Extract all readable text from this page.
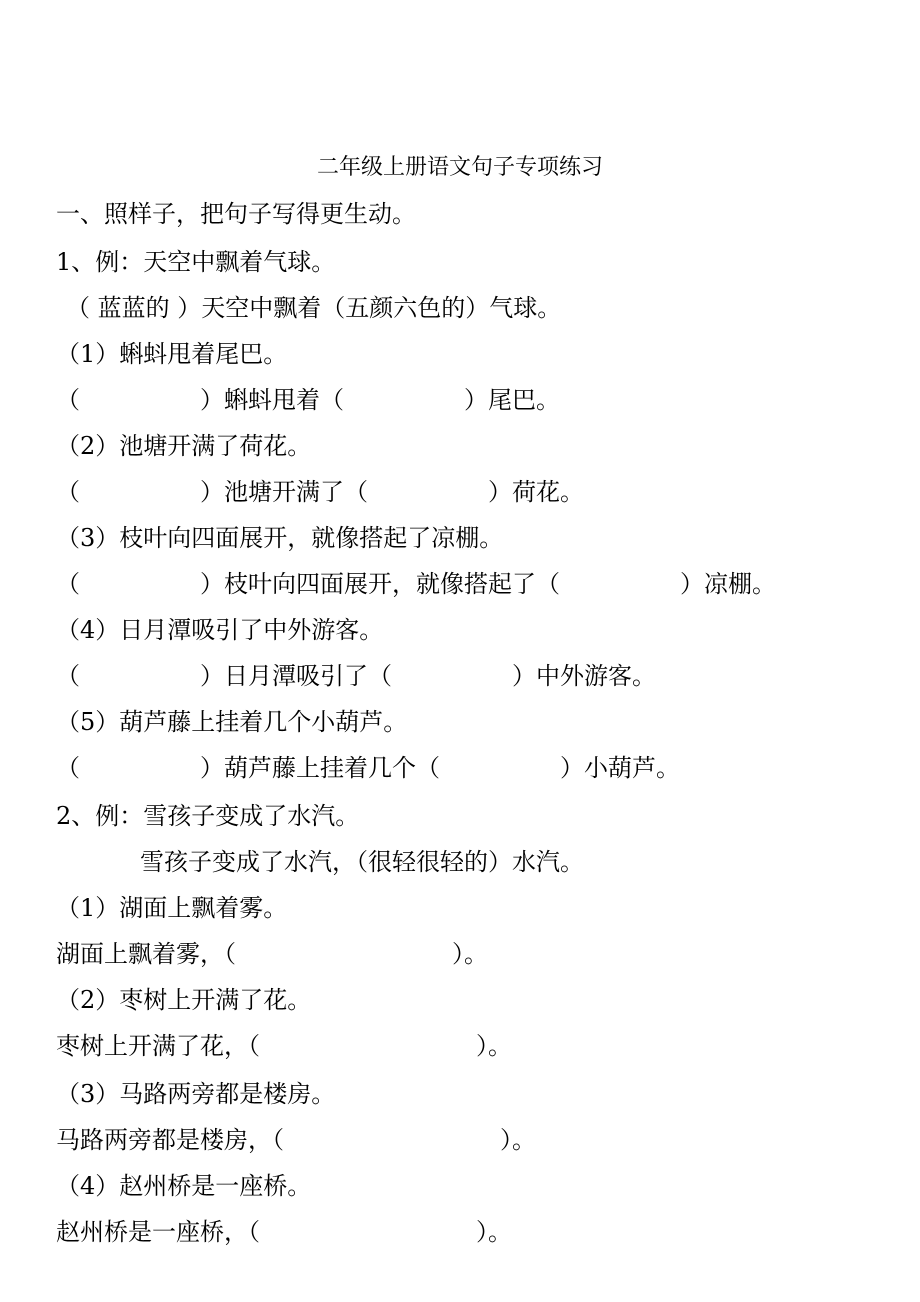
二年级上册语文句子专项练习
一、照样子，把句子写得更生动。
1、例：天空中飘着气球。
（ 蓝蓝的 ）天空中飘着（五颜六色的）气球。
（1）蝌蚪甩着尾巴。
（　　　　　）蝌蚪甩着（　　　　　）尾巴。
（2）池塘开满了荷花。
（　　　　　）池塘开满了（　　　　　）荷花。
（3）枝叶向四面展开，就像搭起了凉棚。
（　　　　　）枝叶向四面展开，就像搭起了（　　　　　）凉棚。
（4）日月潭吸引了中外游客。
（　　　　　）日月潭吸引了（　　　　　）中外游客。
（5）葫芦藤上挂着几个小葫芦。
（　　　　　）葫芦藤上挂着几个（　　　　　）小葫芦。
2、例：雪孩子变成了水汽。
雪孩子变成了水汽，（很轻很轻的）水汽。
（1）湖面上飘着雾。
湖面上飘着雾，（　　　　　　　　　）。
（2）枣树上开满了花。
枣树上开满了花，（　　　　　　　　　）。
（3）马路两旁都是楼房。
马路两旁都是楼房，（　　　　　　　　　）。
（4）赵州桥是一座桥。
赵州桥是一座桥，（　　　　　　　　　）。
